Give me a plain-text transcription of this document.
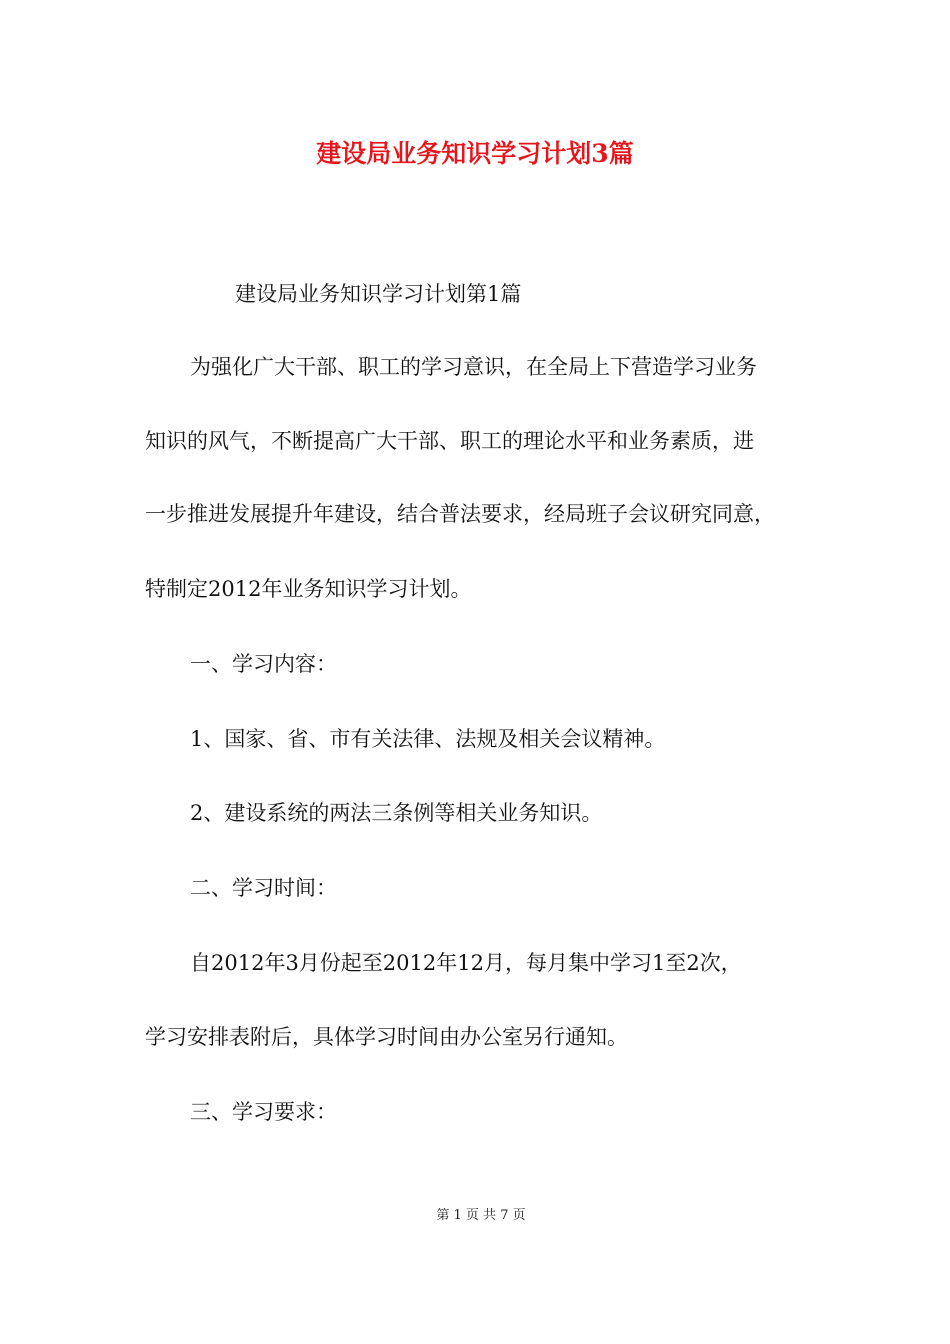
建设局业务知识学习计划3篇

建设局业务知识学习计划第1篇

为强化广大干部、职工的学习意识，在全局上下营造学习业务

知识的风气，不断提高广大干部、职工的理论水平和业务素质，进

一步推进发展提升年建设，结合普法要求，经局班子会议研究同意，

特制定2012年业务知识学习计划。

一、学习内容：

1、国家、省、市有关法律、法规及相关会议精神。

2、建设系统的两法三条例等相关业务知识。

二、学习时间：

自2012年3月份起至2012年12月，每月集中学习1至2次，

学习安排表附后，具体学习时间由办公室另行通知。

三、学习要求：

第 1 页 共 7 页
